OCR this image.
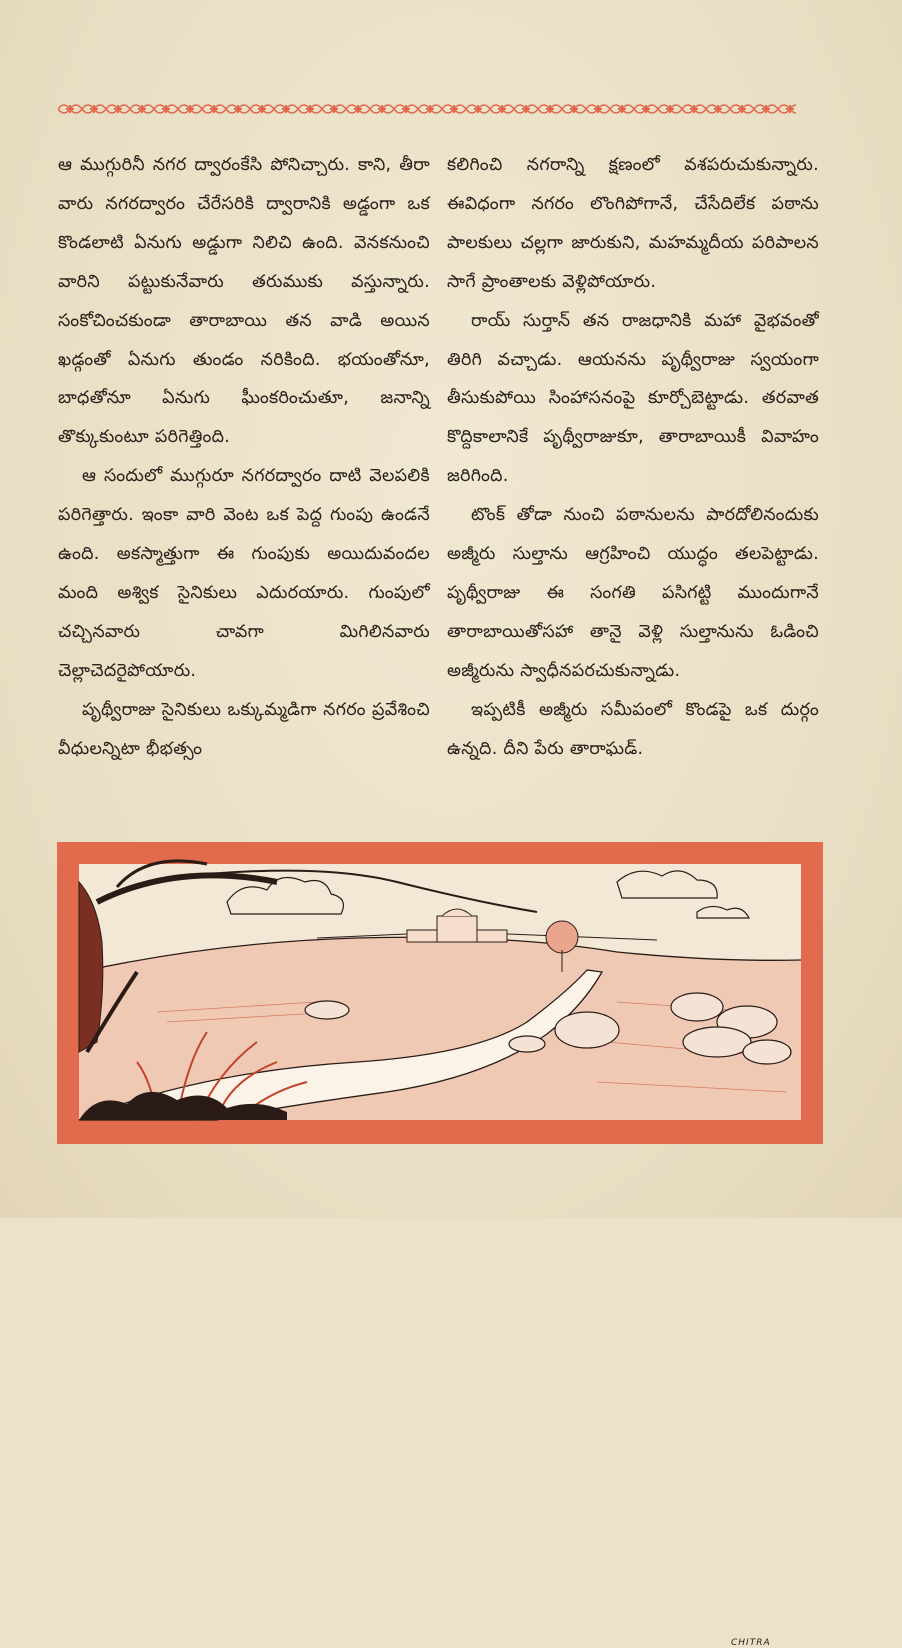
ఆ ముగ్గురినీ నగర ద్వారంకేసి పోనిచ్చారు. కాని, తీరా వారు నగరద్వారం చేరేసరికి ద్వారానికి అడ్డంగా ఒక కొండలాటి ఏనుగు అడ్డుగా నిలిచి ఉంది. వెనకనుంచి వారిని పట్టుకునేవారు తరుముకు వస్తున్నారు. సంకోచించకుండా తారాబాయి తన వాడి అయిన ఖడ్గంతో ఏనుగు తుండం నరికింది. భయంతోనూ, బాధతోనూ ఏనుగు ఘీంకరించుతూ, జనాన్ని తొక్కుకుంటూ పరిగెత్తింది.

ఆ సందులో ముగ్గురూ నగరద్వారం దాటి వెలపలికి పరిగెత్తారు. ఇంకా వారి వెంట ఒక పెద్ద గుంపు ఉండనే ఉంది. అకస్మాత్తుగా ఈ గుంపుకు అయిదువందల మంది అశ్విక సైనికులు ఎదురయారు. గుంపులో చచ్చినవారు చావగా మిగిలినవారు చెల్లాచెదరైపోయారు.

పృథ్వీరాజు సైనికులు ఒక్కుమ్మడిగా నగరం ప్రవేశించి వీధులన్నిటా భీభత్సం

కలిగించి నగరాన్ని క్షణంలో వశపరుచుకున్నారు. ఈవిధంగా నగరం లొంగిపోగానే, చేసేదిలేక పఠాను పాలకులు చల్లగా జారుకుని, మహమ్మదీయ పరిపాలన సాగే ప్రాంతాలకు వెళ్లిపోయారు.

రాయ్ సుర్తాన్ తన రాజధానికి మహా వైభవంతో తిరిగి వచ్చాడు. ఆయనను పృథ్వీరాజు స్వయంగా తీసుకుపోయి సింహాసనంపై కూర్చోబెట్టాడు. తరవాత కొద్దికాలానికే పృథ్వీరాజుకూ, తారాబాయికీ వివాహం జరిగింది.

టొంక్ తోడా నుంచి పఠానులను పారదోలినందుకు అజ్మీరు సుల్తాను ఆగ్రహించి యుద్ధం తలపెట్టాడు. పృథ్వీరాజు ఈ సంగతి పసిగట్టి ముందుగానే తారాబాయితోసహా తానై వెళ్లి సుల్తానును ఓడించి అజ్మీరును స్వాధీనపరచుకున్నాడు.

ఇప్పటికీ అజ్మీరు సమీపంలో కొండపై ఒక దుర్గం ఉన్నది. దీని పేరు తారాఘడ్.

CHITRA
